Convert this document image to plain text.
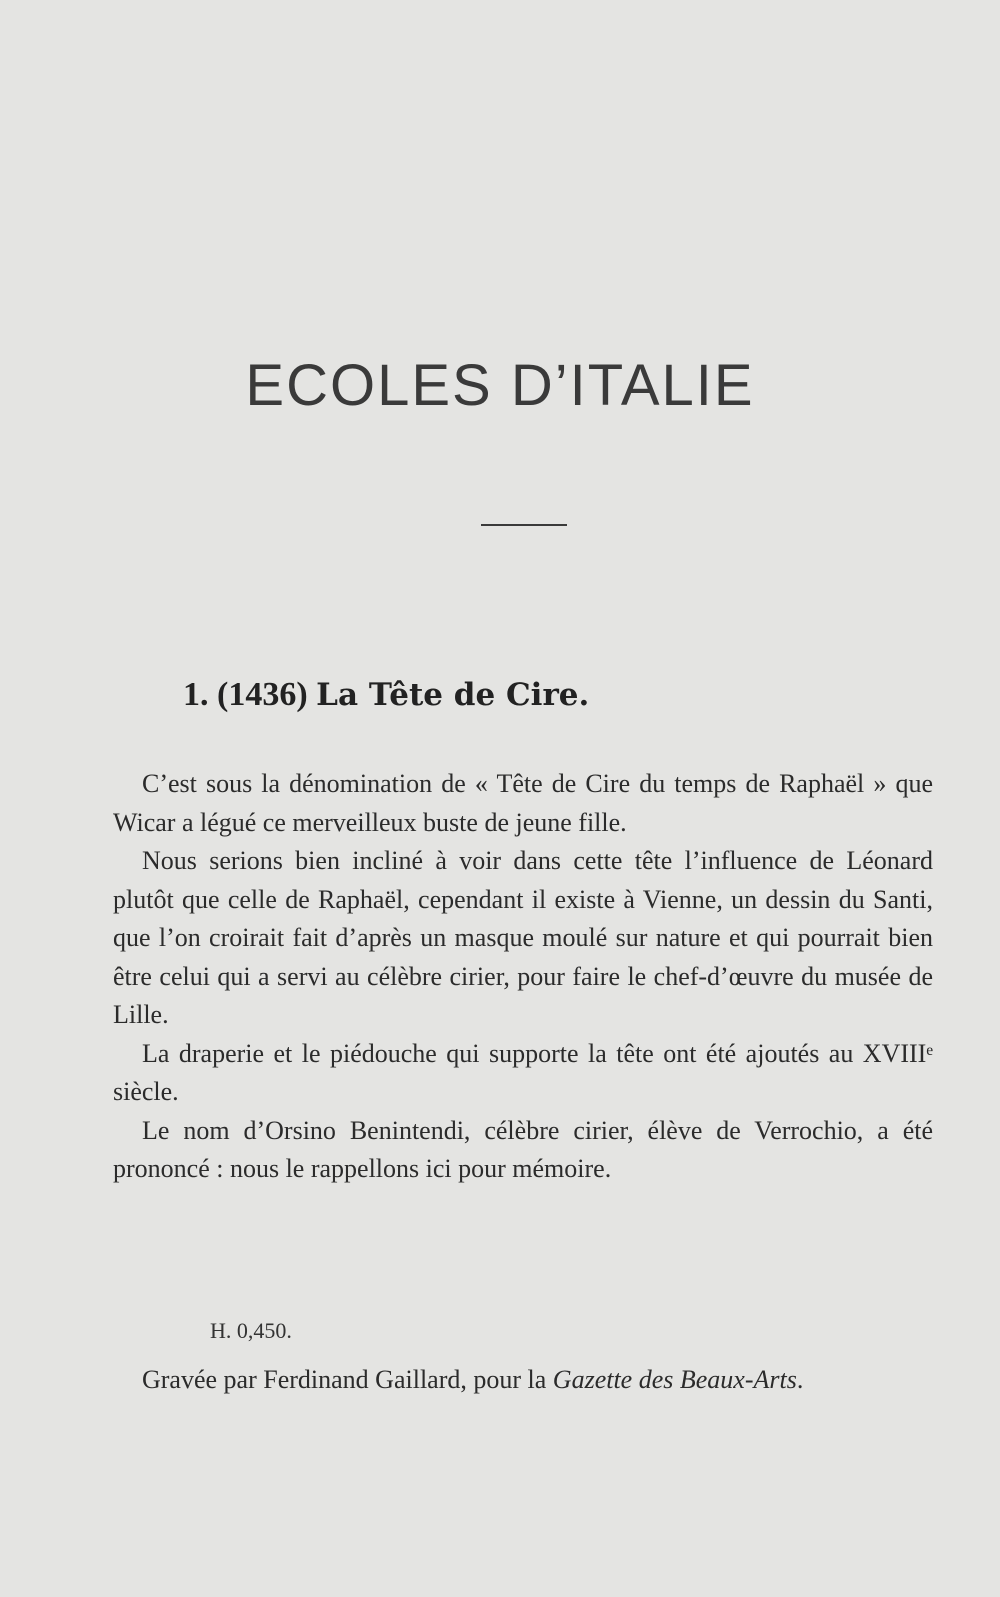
ECOLES D’ITALIE
1. (1436) La Tête de Cire.

C’est sous la dénomination de « Tête de Cire du temps de Raphaël » que Wicar a légué ce merveilleux buste de jeune fille.

Nous serions bien incliné à voir dans cette tête l’influence de Léonard plutôt que celle de Raphaël, cependant il existe à Vienne, un dessin du Santi, que l’on croirait fait d’après un masque moulé sur nature et qui pourrait bien être celui qui a servi au célèbre cirier, pour faire le chef-d’œuvre du musée de Lille.

La draperie et le piédouche qui supporte la tête ont été ajoutés au XVIIIᵉ siècle.

Le nom d’Orsino Benintendi, célèbre cirier, élève de Verrochio, a été prononcé : nous le rappellons ici pour mémoire.

H. 0,450.

Gravée par Ferdinand Gaillard, pour la Gazette des Beaux-Arts.
